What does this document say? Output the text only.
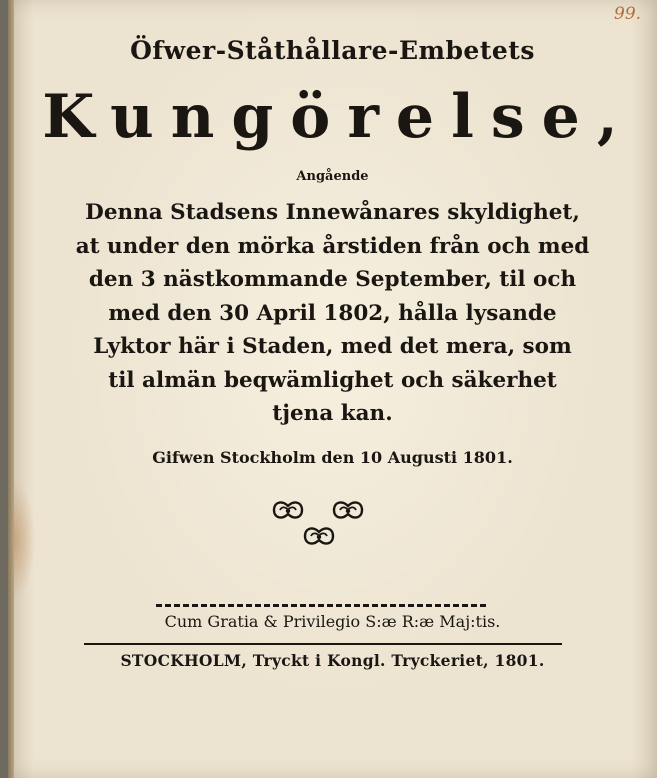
99.
Öfwer-Ståthållare-Embetets
Kungörelse,
Angående
Denna Stadsens Innewånares skyldighet,
at under den mörka årstiden från och med
den 3 nästkommande September, til och
med den 30 April 1802, hålla lysande
Lyktor här i Staden, med det mera, som
til almän beqwämlighet och säkerhet
tjena kan.
Gifwen Stockholm den 10 Augusti 1801.
Cum Gratia & Privilegio S:æ R:æ Maj:tis.
STOCKHOLM, Tryckt i Kongl. Tryckeriet, 1801.
